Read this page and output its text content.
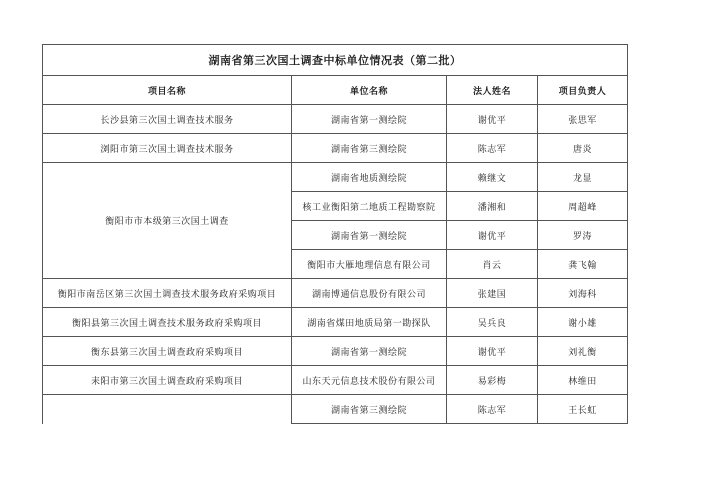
湖南省第三次国土调查中标单位情况表（第二批）			
项目名称	单位名称	法人姓名	项目负责人
长沙县第三次国土调查技术服务	湖南省第一测绘院	谢优平	张思军
浏阳市第三次国土调查技术服务	湖南省第三测绘院	陈志军	唐炎
衡阳市市本级第三次国土调查	湖南省地质测绘院	赖继文	龙显
	核工业衡阳第二地质工程勘察院	潘湘和	周超峰
	湖南省第一测绘院	谢优平	罗涛
	衡阳市大雁地理信息有限公司	肖云	龚飞翰
衡阳市南岳区第三次国土调查技术服务政府采购项目	湖南博通信息股份有限公司	张建国	刘海科
衡阳县第三次国土调查技术服务政府采购项目	湖南省煤田地质局第一勘探队	吴兵良	谢小雄
衡东县第三次国土调查政府采购项目	湖南省第一测绘院	谢优平	刘礼衡
耒阳市第三次国土调查政府采购项目	山东天元信息技术股份有限公司	易彩梅	林维田
	湖南省第三测绘院	陈志军	王长虹
